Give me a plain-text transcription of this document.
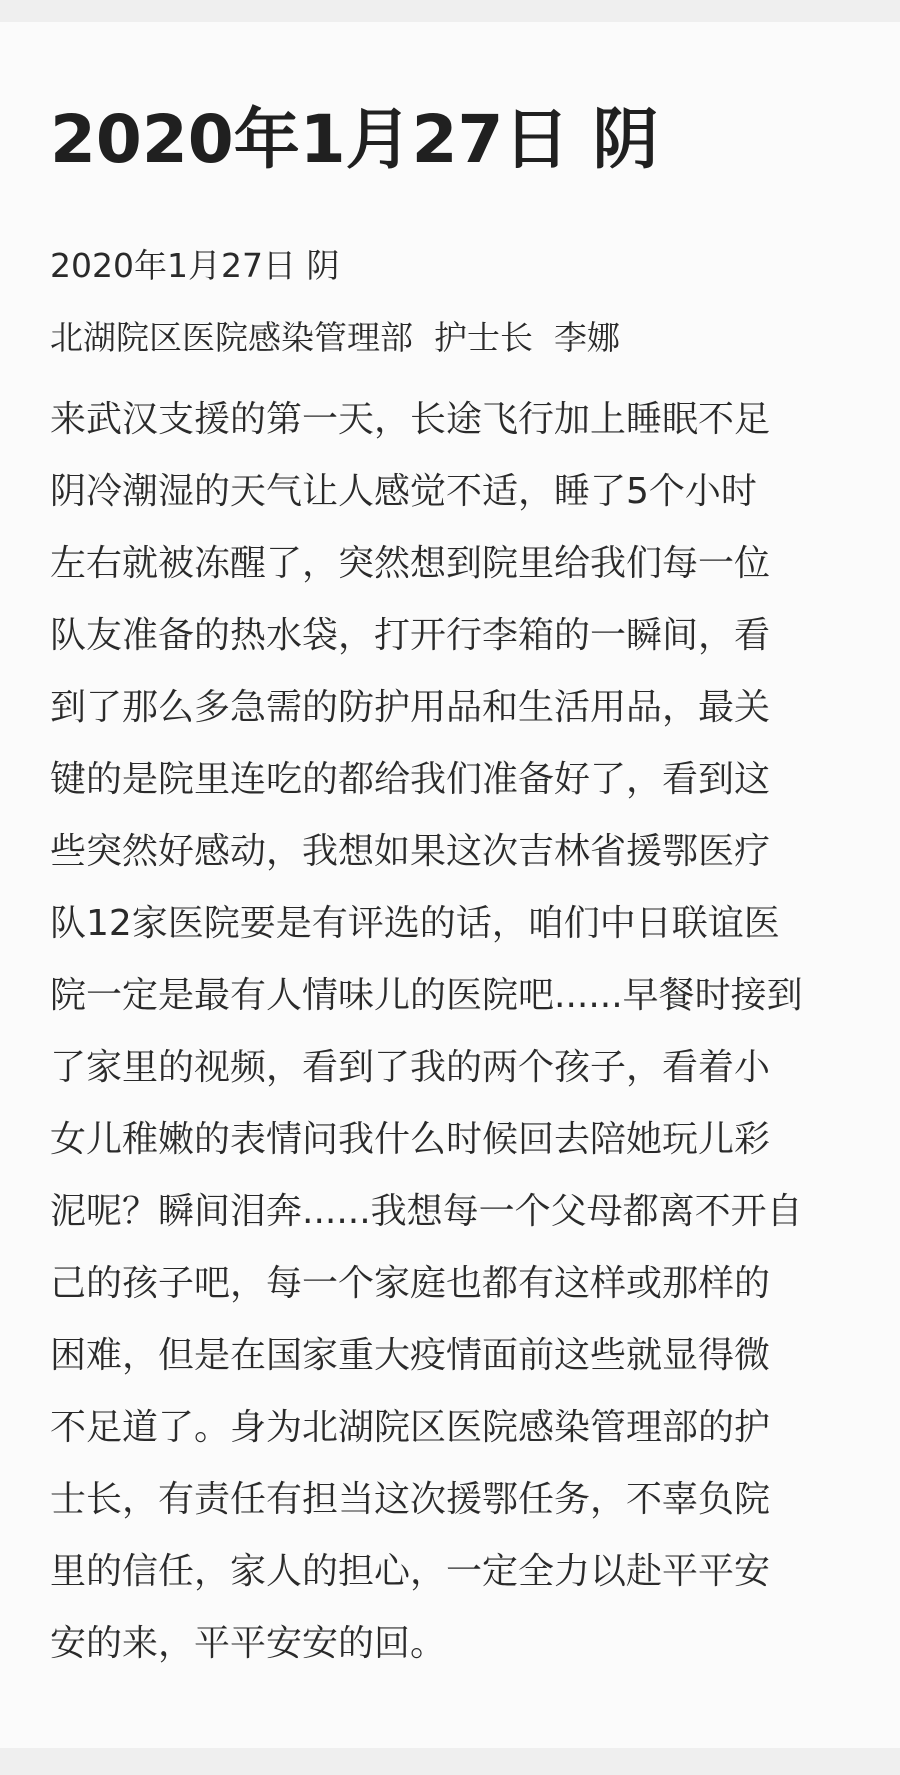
2020年1月27日 阴

2020年1月27日 阴

北湖院区医院感染管理部  护士长  李娜

来武汉支援的第一天，长途飞行加上睡眠不足
阴冷潮湿的天气让人感觉不适，睡了5个小时
左右就被冻醒了，突然想到院里给我们每一位
队友准备的热水袋，打开行李箱的一瞬间，看
到了那么多急需的防护用品和生活用品，最关
键的是院里连吃的都给我们准备好了，看到这
些突然好感动，我想如果这次吉林省援鄂医疗
队12家医院要是有评选的话，咱们中日联谊医
院一定是最有人情味儿的医院吧......早餐时接到
了家里的视频，看到了我的两个孩子，看着小
女儿稚嫩的表情问我什么时候回去陪她玩儿彩
泥呢？瞬间泪奔......我想每一个父母都离不开自
己的孩子吧，每一个家庭也都有这样或那样的
困难，但是在国家重大疫情面前这些就显得微
不足道了。身为北湖院区医院感染管理部的护
士长，有责任有担当这次援鄂任务，不辜负院
里的信任，家人的担心，一定全力以赴平平安
安的来，平平安安的回。
